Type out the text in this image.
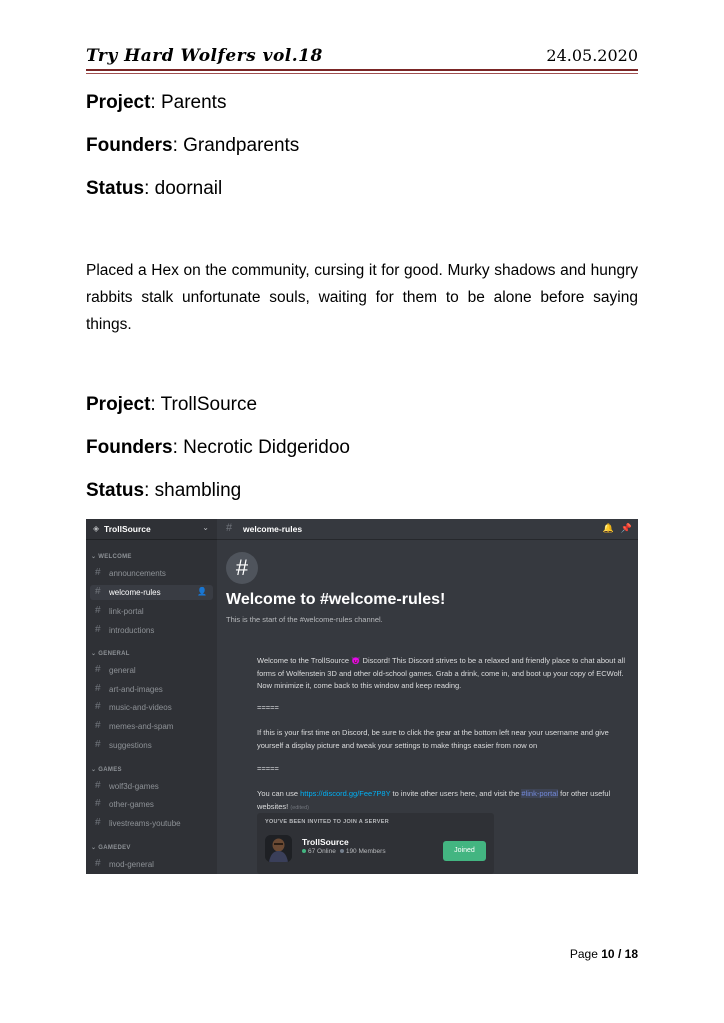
Try Hard Wolfers vol.18	24.05.2020
Project: Parents
Founders: Grandparents
Status: doornail
Placed a Hex on the community, cursing it for good. Murky shadows and hungry rabbits stalk unfortunate souls, waiting for them to be alone before saying things.
Project: TrollSource
Founders: Necrotic Didgeridoo
Status: shambling
◈ TrollSource	⌄
⌄ WELCOME
# announcements
# welcome-rules	👤
# link-portal
# introductions
⌄ GENERAL
# general
# art-and-images
# music-and-videos
# memes-and-spam
# suggestions
⌄ GAMES
# wolf3d-games
# other-games
# livestreams-youtube
⌄ GAMEDEV
# mod-general
# welcome-rules	🔔 📌
#
Welcome to #welcome-rules!
This is the start of the #welcome-rules channel.
Welcome to the TrollSource 😈 Discord! This Discord strives to be a relaxed and friendly place to chat about all forms of Wolfenstein 3D and other old-school games. Grab a drink, come in, and boot up your copy of ECWolf. Now minimize it, come back to this window and keep reading.
=====
If this is your first time on Discord, be sure to click the gear at the bottom left near your username and give yourself a display picture and tweak your settings to make things easier from now on
=====
You can use https://discord.gg/Fee7P8Y to invite other users here, and visit the #link-portal for other useful websites! (edited)
YOU'VE BEEN INVITED TO JOIN A SERVER
TrollSource
67 Online 190 Members	Joined
Page 10 / 18
